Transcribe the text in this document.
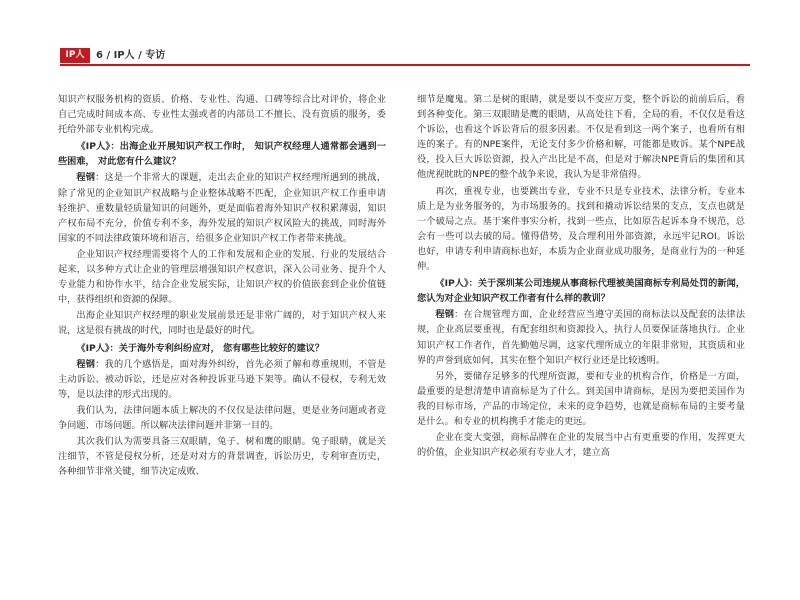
IP人	6 / IP人 / 专访

知识产权服务机构的资质、价格、专业性、沟通、口碑等综合比对评价，将企业自己完成时间成本高、专业性太强或者的内部员工不擅长、没有资质的服务，委托给外部专业机构完成。

《IP人》：出海企业开展知识产权工作时， 知识产权经理人通常都会遇到一些困难， 对此您有什么建议？

程钢：这是一个非常大的课题，走出去企业的知识产权经理所遇到的挑战，除了常见的企业知识产权战略与企业整体战略不匹配，企业知识产权工作重申请轻维护、重数量轻质量知识的问题外，更是面临着海外知识产权积累薄弱，知识产权布局不充分，价值专利不多，海外发展的知识产权风险大的挑战，同时海外国家的不同法律政策环境和语言，给很多企业知识产权工作者带来挑战。

企业知识产权经理需要将个人的工作和发展和企业的发展、行业的发展结合起来，以多种方式让企业的管理层增强知识产权意识，深入公司业务、提升个人专业能力和协作水平，结合企业发展实际，让知识产权的价值嵌套到企业价值链中，获得组织和资源的保障。

出海企业知识产权经理的职业发展前景还是非常广阔的，对于知识产权人来说，这是很有挑战的时代，同时也是最好的时代。

《IP人》：关于海外专利纠纷应对， 您有哪些比较好的建议？

程钢：我的几个感悟是，面对海外纠纷，首先必须了解和尊重规则，不管是主动诉讼、被动诉讼，还是应对各种投诉亚马逊下架等。确认不侵权，专利无效等，是以法律的形式出现的。

我们认为，法律问题本质上解决的不仅仅是法律问题，更是业务问题或者竞争问题、市场问题。所以解决法律问题并非第一目的。

其次我们认为需要具备三双眼睛，兔子、树和鹰的眼睛。兔子眼睛，就是关注细节，不管是侵权分析，还是对对方的背景调查，诉讼历史，专利审查历史，各种细节非常关键，细节决定成败、

细节是魔鬼。第二是树的眼睛，就是要以不变应万变，整个诉讼的前前后后，看到各种变化。第三双眼睛是鹰的眼睛，从高处往下看，全局的看，不仅仅是看这个诉讼，也看这个诉讼背后的很多因素。不仅是看到这一两个案子，也看所有相连的案子。有的NPE案件，无论支付多少价格和解，可能都是败诉。某个NPE战役，投入巨大诉讼资源，投入产出比是不高，但是对于解决NPE背后的集团和其他虎视眈眈的NPE的整个战争来说，我认为是非常值得。

再次，重视专业，也要跳出专业，专业不只是专业技术，法律分析，专业本质上是为业务服务的，为市场服务的。找到和撬动诉讼结果的支点，支点也就是一个破局之点。基于案件事实分析，找到一些点，比如原告起诉本身不规范，总会有一些可以去破的局。懂得借势，及合理利用外部资源，永远牢记ROI。诉讼也好，申请专利申请商标也好，本质为企业商业成功服务，是商业行为的一种延伸。

《IP人》：关于深圳某公司违规从事商标代理被美国商标专利局处罚的新闻， 您认为对企业知识产权工作者有什么样的教训？

程钢：在合规管理方面，企业经营应当遵守美国的商标法以及配套的法律法规，企业高层要重视，有配套组织和资源投入，执行人员要保证落地执行。企业知识产权工作者作，首先勤勉尽调，这家代理所成立的年限非常短，其资质和业界的声誉到底如何，其实在整个知识产权行业还是比较透明。

另外，要储存足够多的代理所资源，要和专业的机构合作，价格是一方面，最重要的是想清楚申请商标是为了什么。到美国申请商标，是因为要把美国作为我的目标市场，产品的市场定位，未来的竞争趋势，也就是商标布局的主要考量是什么。和专业的机构携手才能走的更远。

企业在变大变强，商标品牌在企业的发展当中占有更重要的作用，发挥更大的价值，企业知识产权必须有专业人才，建立高
